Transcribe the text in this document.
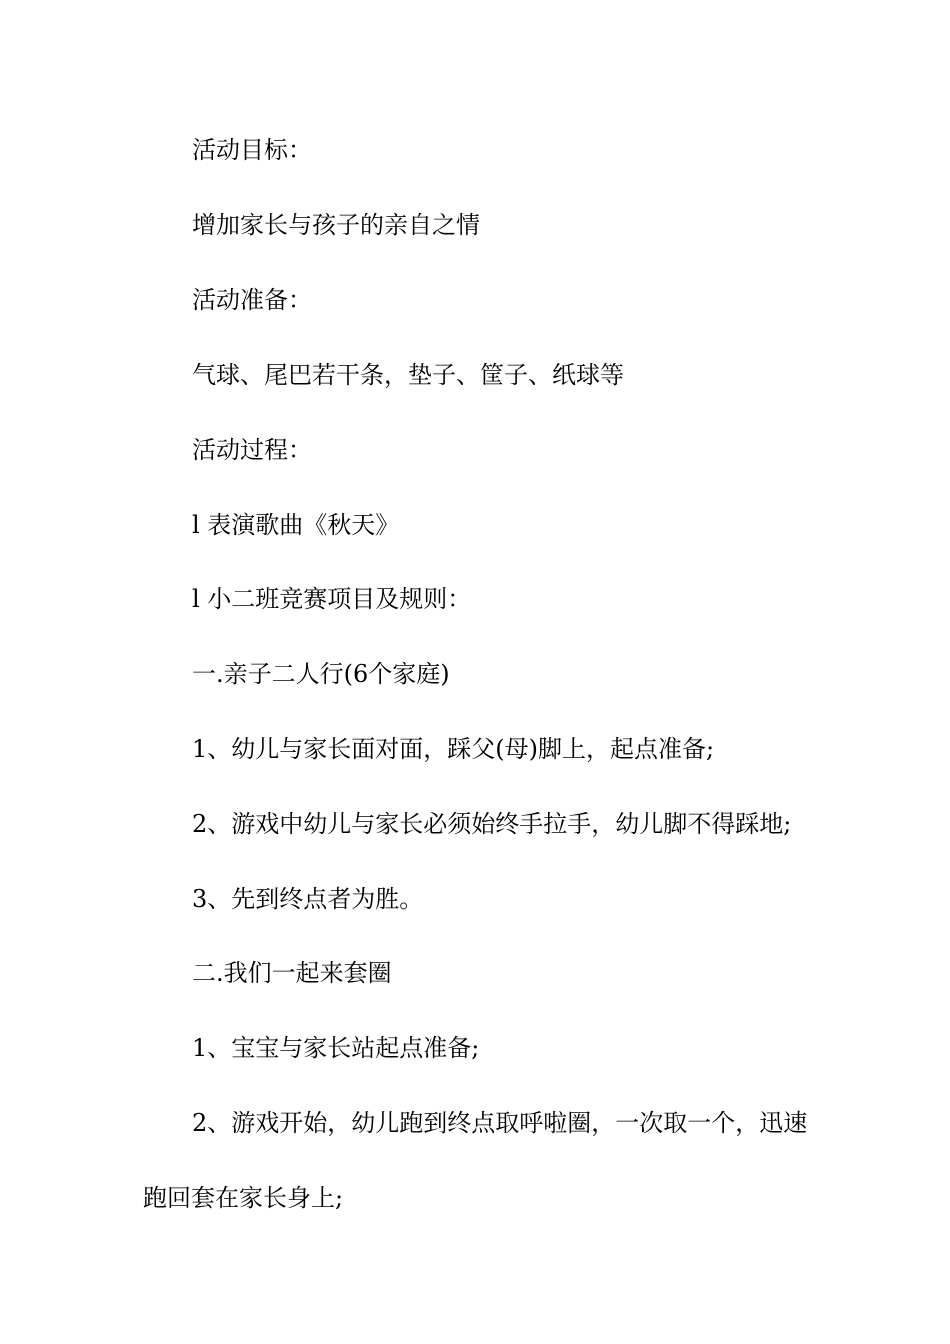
活动目标：
增加家长与孩子的亲自之情
活动准备：
气球、尾巴若干条，垫子、筐子、纸球等
活动过程：
l 表演歌曲《秋天》
l 小二班竞赛项目及规则：
一.亲子二人行(6个家庭)
1、幼儿与家长面对面，踩父(母)脚上，起点准备;
2、游戏中幼儿与家长必须始终手拉手，幼儿脚不得踩地;
3、先到终点者为胜。
二.我们一起来套圈
1、宝宝与家长站起点准备;
2、游戏开始，幼儿跑到终点取呼啦圈，一次取一个，迅速
跑回套在家长身上;
